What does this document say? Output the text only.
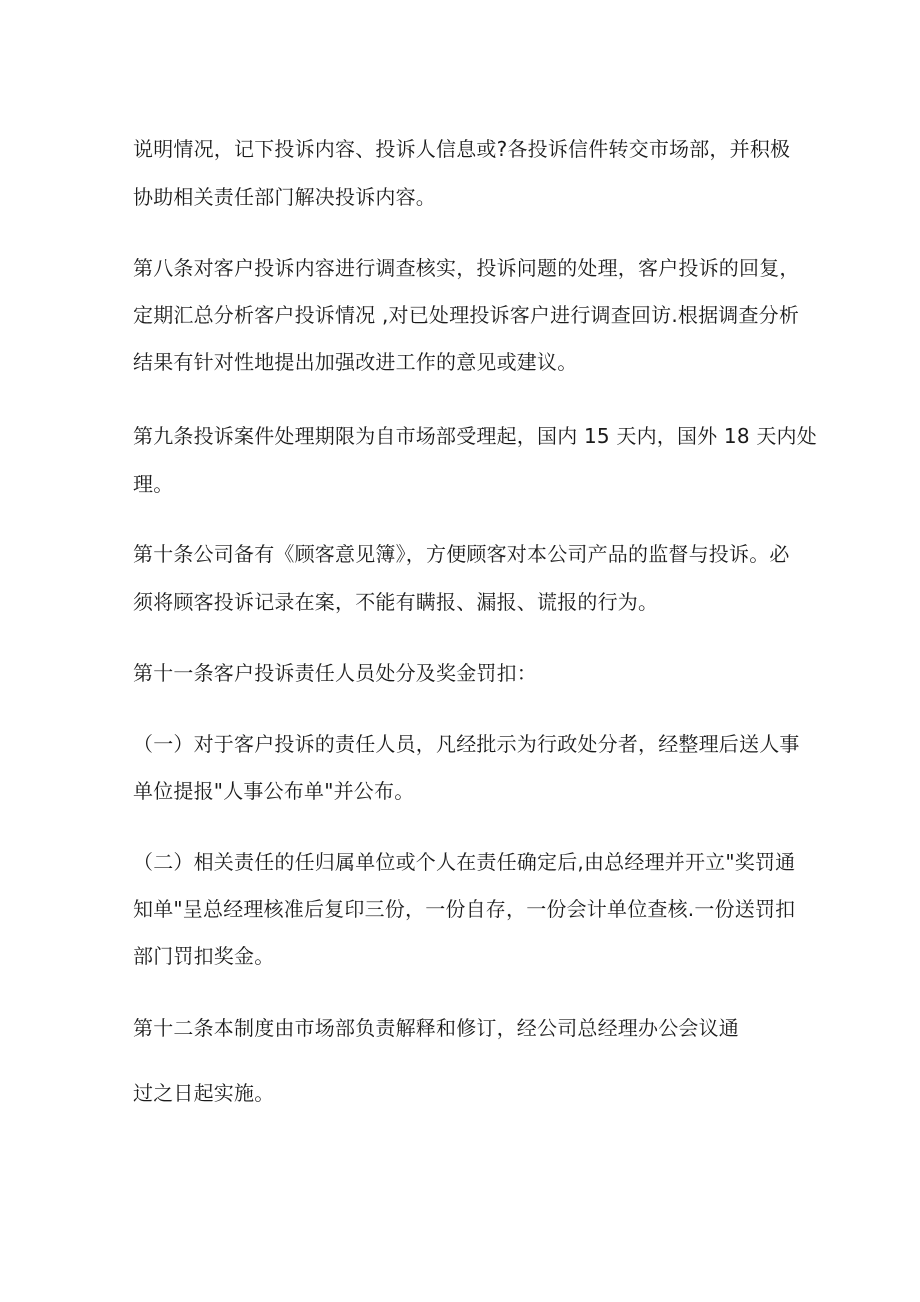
说明情况，记下投诉内容、投诉人信息或?各投诉信件转交市场部，并积极

协助相关责任部门解决投诉内容。

第八条对客户投诉内容进行调查核实，投诉问题的处理，客户投诉的回复，

定期汇总分析客户投诉情况 ,对已处理投诉客户进行调查回访.根据调查分析

结果有针对性地提出加强改进工作的意见或建议。

第九条投诉案件处理期限为自市场部受理起，国内 15 天内，国外 18 天内处

理。

第十条公司备有《顾客意见簿》，方便顾客对本公司产品的监督与投诉。必

须将顾客投诉记录在案，不能有瞒报、漏报、谎报的行为。

第十一条客户投诉责任人员处分及奖金罚扣：

（一）对于客户投诉的责任人员，凡经批示为行政处分者，经整理后送人事

单位提报"人事公布单"并公布。

（二）相关责任的任归属单位或个人在责任确定后,由总经理并开立"奖罚通

知单"呈总经理核准后复印三份，一份自存，一份会计单位查核.一份送罚扣

部门罚扣奖金。

第十二条本制度由市场部负责解释和修订，经公司总经理办公会议通

过之日起实施。
